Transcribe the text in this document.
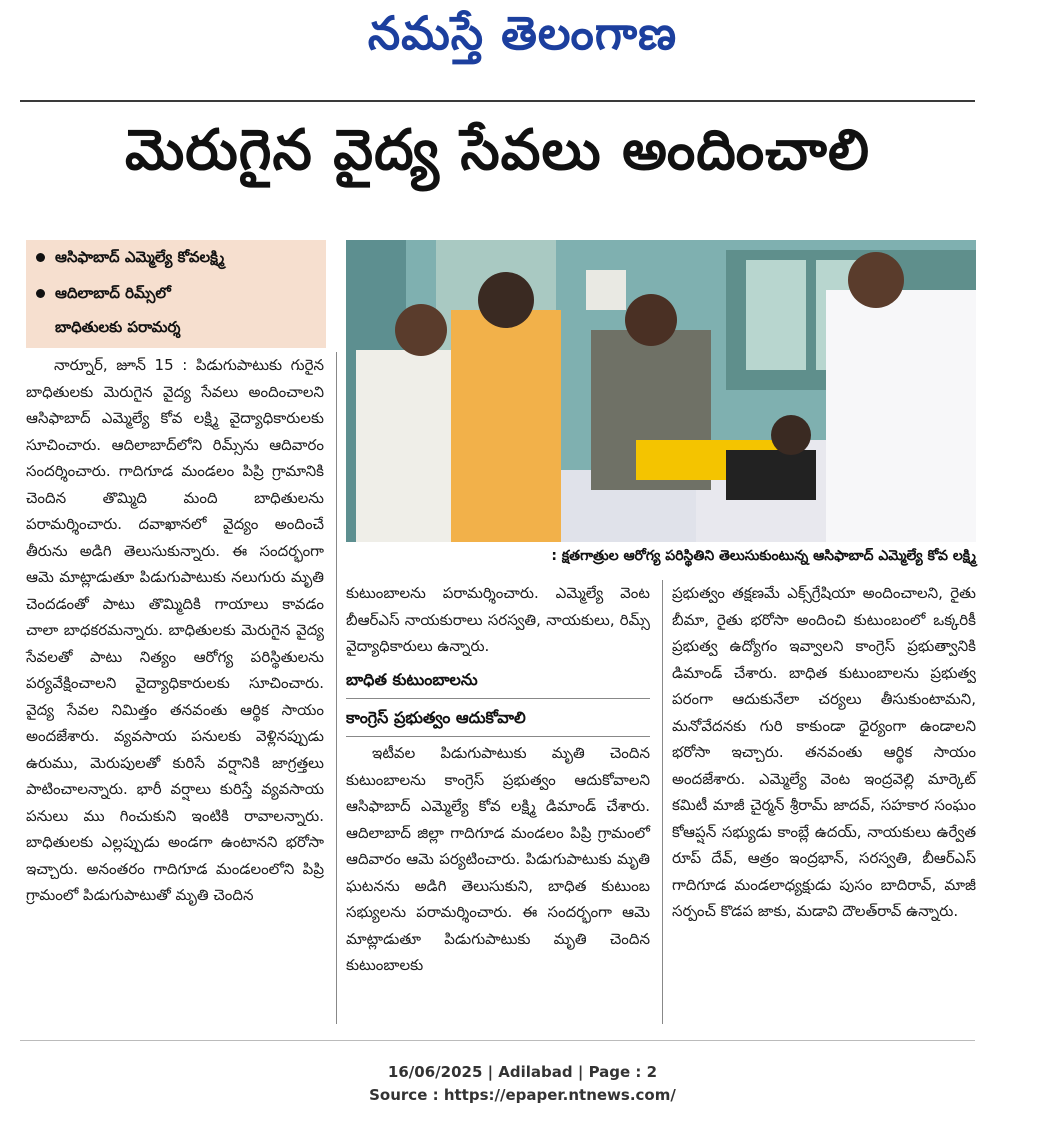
నమస్తే తెలంగాణ
మెరుగైన వైద్య సేవలు అందించాలి
ఆసిఫాబాద్ ఎమ్మెల్యే కోవలక్ష్మి
ఆదిలాబాద్ రిమ్స్‌లో
బాధితులకు పరామర్శ
: క్షతగాత్రుల ఆరోగ్య పరిస్థితిని తెలుసుకుంటున్న ఆసిఫాబాద్ ఎమ్మెల్యే కోవ లక్ష్మి
నార్నూర్, జూన్ 15 : పిడుగుపాటుకు గురైన బాధితులకు మెరుగైన వైద్య సేవలు అందించాలని ఆసిఫాబాద్ ఎమ్మెల్యే కోవ లక్ష్మి వైద్యాధికారులకు సూచించారు. ఆదిలాబాద్‌లోని రిమ్స్‌ను ఆదివారం సందర్శించారు. గాదిగూడ మండలం పిప్రి గ్రామానికి చెందిన తొమ్మిది మంది బాధితులను పరామర్శించారు. దవాఖానలో వైద్యం అందించే తీరును అడిగి తెలుసుకున్నారు. ఈ సందర్భంగా ఆమె మాట్లాడుతూ పిడుగుపాటుకు నలుగురు మృతి చెందడంతో పాటు తొమ్మిదికి గాయాలు కావడం చాలా బాధకరమన్నారు. బాధితులకు మెరుగైన వైద్య సేవలతో పాటు నిత్యం ఆరోగ్య పరిస్థితులను పర్యవేక్షించాలని వైద్యాధికారులకు సూచించారు. వైద్య సేవల నిమిత్తం తనవంతు ఆర్థిక సాయం అందజేశారు. వ్యవసాయ పనులకు వెళ్లినప్పుడు ఉరుము, మెరుపులతో కురిసే వర్షానికి జాగ్రత్తలు పాటించాలన్నారు. భారీ వర్షాలు కురిస్తే వ్యవసాయ పనులు ము గించుకుని ఇంటికి రావాలన్నారు. బాధితులకు ఎల్లప్పుడు అండగా ఉంటానని భరోసా ఇచ్చారు. అనంతరం గాదిగూడ మండలంలోని పిప్రి గ్రామంలో పిడుగుపాటుతో మృతి చెందిన
కుటుంబాలను పరామర్శించారు. ఎమ్మెల్యే వెంట బీఆర్‌ఎస్ నాయకురాలు సరస్వతి, నాయకులు, రిమ్స్ వైద్యాధికారులు ఉన్నారు.
బాధిత కుటుంబాలను
కాంగ్రెస్ ప్రభుత్వం ఆదుకోవాలి
ఇటీవల పిడుగుపాటుకు మృతి చెందిన కుటుంబాలను కాంగ్రెస్ ప్రభుత్వం ఆదుకోవాలని ఆసిఫాబాద్ ఎమ్మెల్యే కోవ లక్ష్మి డిమాండ్ చేశారు. ఆదిలాబాద్ జిల్లా గాదిగూడ మండలం పిప్రి గ్రామంలో ఆదివారం ఆమె పర్యటించారు. పిడుగుపాటుకు మృతి ఘటనను అడిగి తెలుసుకుని, బాధిత కుటుంబ సభ్యులను పరామర్శించారు. ఈ సందర్భంగా ఆమె మాట్లాడుతూ పిడుగుపాటుకు మృతి చెందిన కుటుంబాలకు
ప్రభుత్వం తక్షణమే ఎక్స్‌గ్రేషియా అందించాలని, రైతు బీమా, రైతు భరోసా అందించి కుటుంబంలో ఒక్కరికీ ప్రభుత్వ ఉద్యోగం ఇవ్వాలని కాంగ్రెస్ ప్రభుత్వానికి డిమాండ్ చేశారు. బాధిత కుటుంబాలను ప్రభుత్వ పరంగా ఆదుకునేలా చర్యలు తీసుకుంటామని, మనోవేదనకు గురి కాకుండా ధైర్యంగా ఉండాలని భరోసా ఇచ్చారు. తనవంతు ఆర్థిక సాయం అందజేశారు. ఎమ్మెల్యే వెంట ఇంద్రవెల్లి మార్కెట్ కమిటీ మాజీ చైర్మన్ శ్రీరామ్ జాదవ్, సహకార సంఘం కోఆప్షన్ సభ్యుడు కాంబ్లే ఉదయ్, నాయకులు ఉర్వేత రూప్ దేవ్, ఆత్రం ఇంద్రభాన్, సరస్వతి, బీఆర్‌ఎస్ గాదిగూడ మండలాధ్యక్షుడు పుసం బాదిరావ్, మాజీ సర్పంచ్ కొడప జాకు, మడావి దౌలత్‌రావ్ ఉన్నారు.
16/06/2025 | Adilabad | Page : 2
Source : https://epaper.ntnews.com/
